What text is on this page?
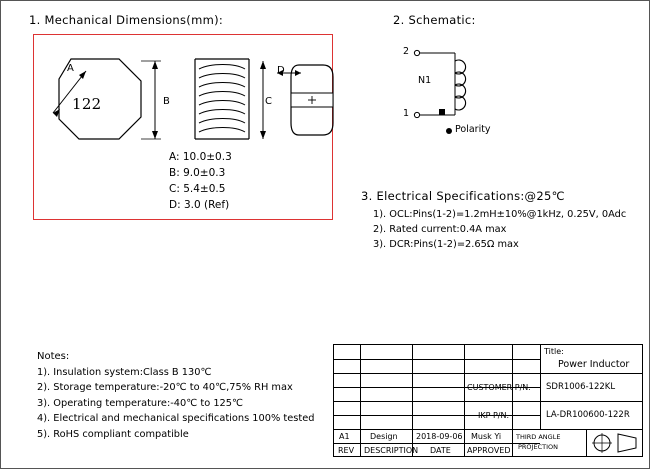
1. Mechanical Dimensions(mm):
A
B
122	C
D
A: 10.0±0.3
B: 9.0±0.3
C: 5.4±0.5
D: 3.0 (Ref)
2. Schematic:
2
1
N1
Polarity
3. Electrical Specifications:@25℃
1). OCL:Pins(1-2)=1.2mH±10%@1kHz, 0.25V, 0Adc
2). Rated current:0.4A max
3). DCR:Pins(1-2)=2.65Ω max
Notes:
1). Insulation system:Class B 130℃
2). Storage temperature:-20℃ to 40℃,75% RH max
3). Operating temperature:-40℃ to 125℃
4). Electrical and mechanical specifications 100% tested
5). RoHS compliant compatible
Title:
Power Inductor
CUSTOMER P/N. SDR1006-122KL
IKP P/N.	LA-DR100600-122R
A1
REV
Design
DESCRIPTION
2018-09-06
DATE
Musk Yi
APPROVED
THIRD ANGLE
PROJECTION
